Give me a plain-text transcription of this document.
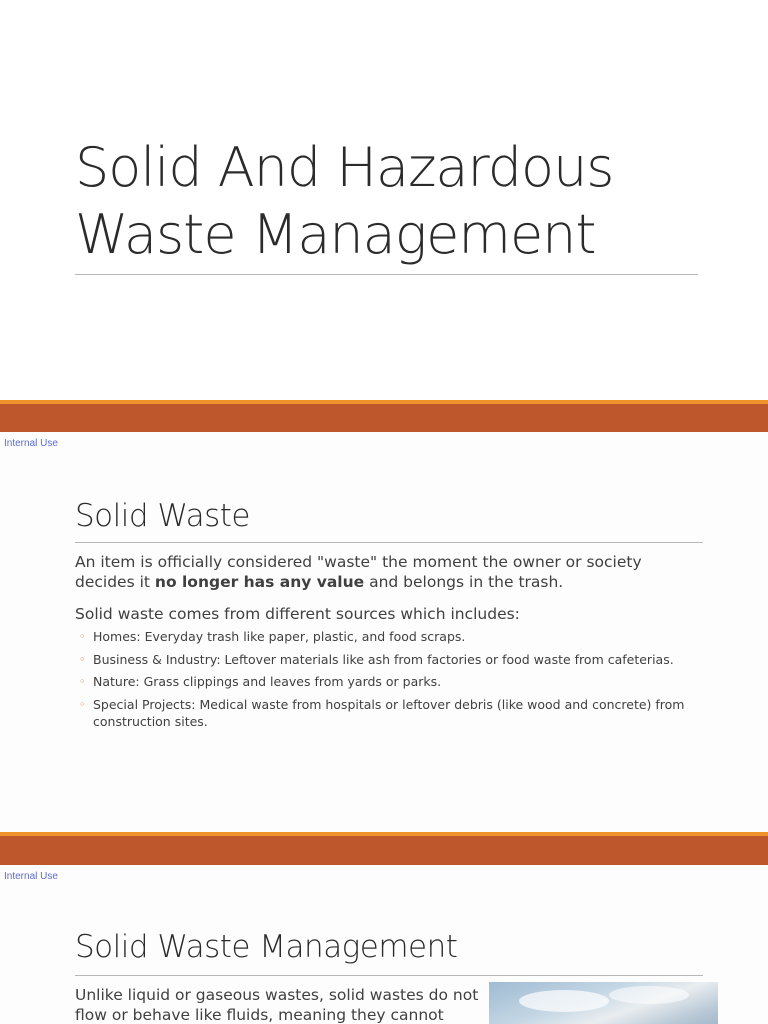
Solid And Hazardous
Waste Management
Internal Use
Solid Waste
An item is officially considered "waste" the moment the owner or society decides it no longer has any value and belongs in the trash.
Solid waste comes from different sources which includes:
◦ Homes: Everyday trash like paper, plastic, and food scraps.
◦ Business & Industry: Leftover materials like ash from factories or food waste from cafeterias.
◦ Nature: Grass clippings and leaves from yards or parks.
◦ Special Projects: Medical waste from hospitals or leftover debris (like wood and concrete) from construction sites.
Internal Use
Solid Waste Management
Unlike liquid or gaseous wastes, solid wastes do not flow or behave like fluids, meaning they cannot
